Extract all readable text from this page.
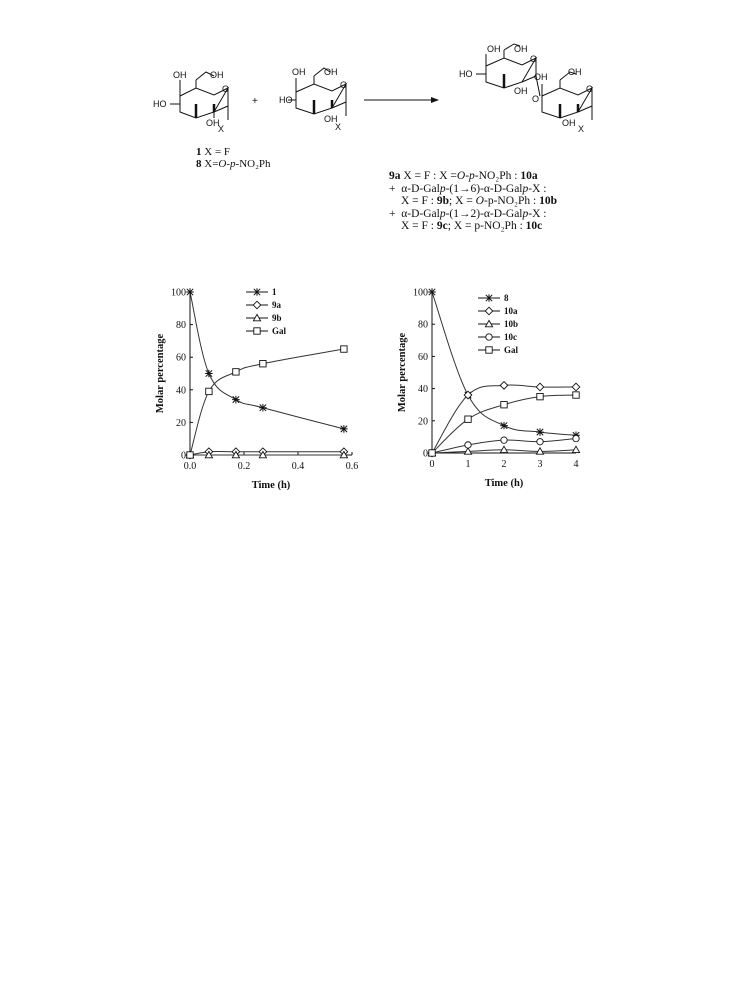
OH	OH
HO
O
OH
X
+
OH OH
HO
O
OH
X
OH OH
HO
O
OH
OH OH
O
O
OH
X
1 X = F
8 X=O-p-NO₂Ph
9a X = F : X =O-p-NO₂Ph : 10a
+ α-D-Galp-(1→6)-α-D-Galp-X :
X = F : 9b; X = O-p-NO₂Ph : 10b
+ α-D-Galp-(1→2)-α-D-Galp-X :
X = F : 9c; X = p-NO₂Ph : 10c
0
20
40
60
80
100
0.0	0.2	0.4	0.6
Time (h)
Molar percentage
1
9a
9b
Gal
0
20
40
60
80
100
0	1	2	3	4
Time (h)
Molar percentage
8
10a
10b
10c
Gal
